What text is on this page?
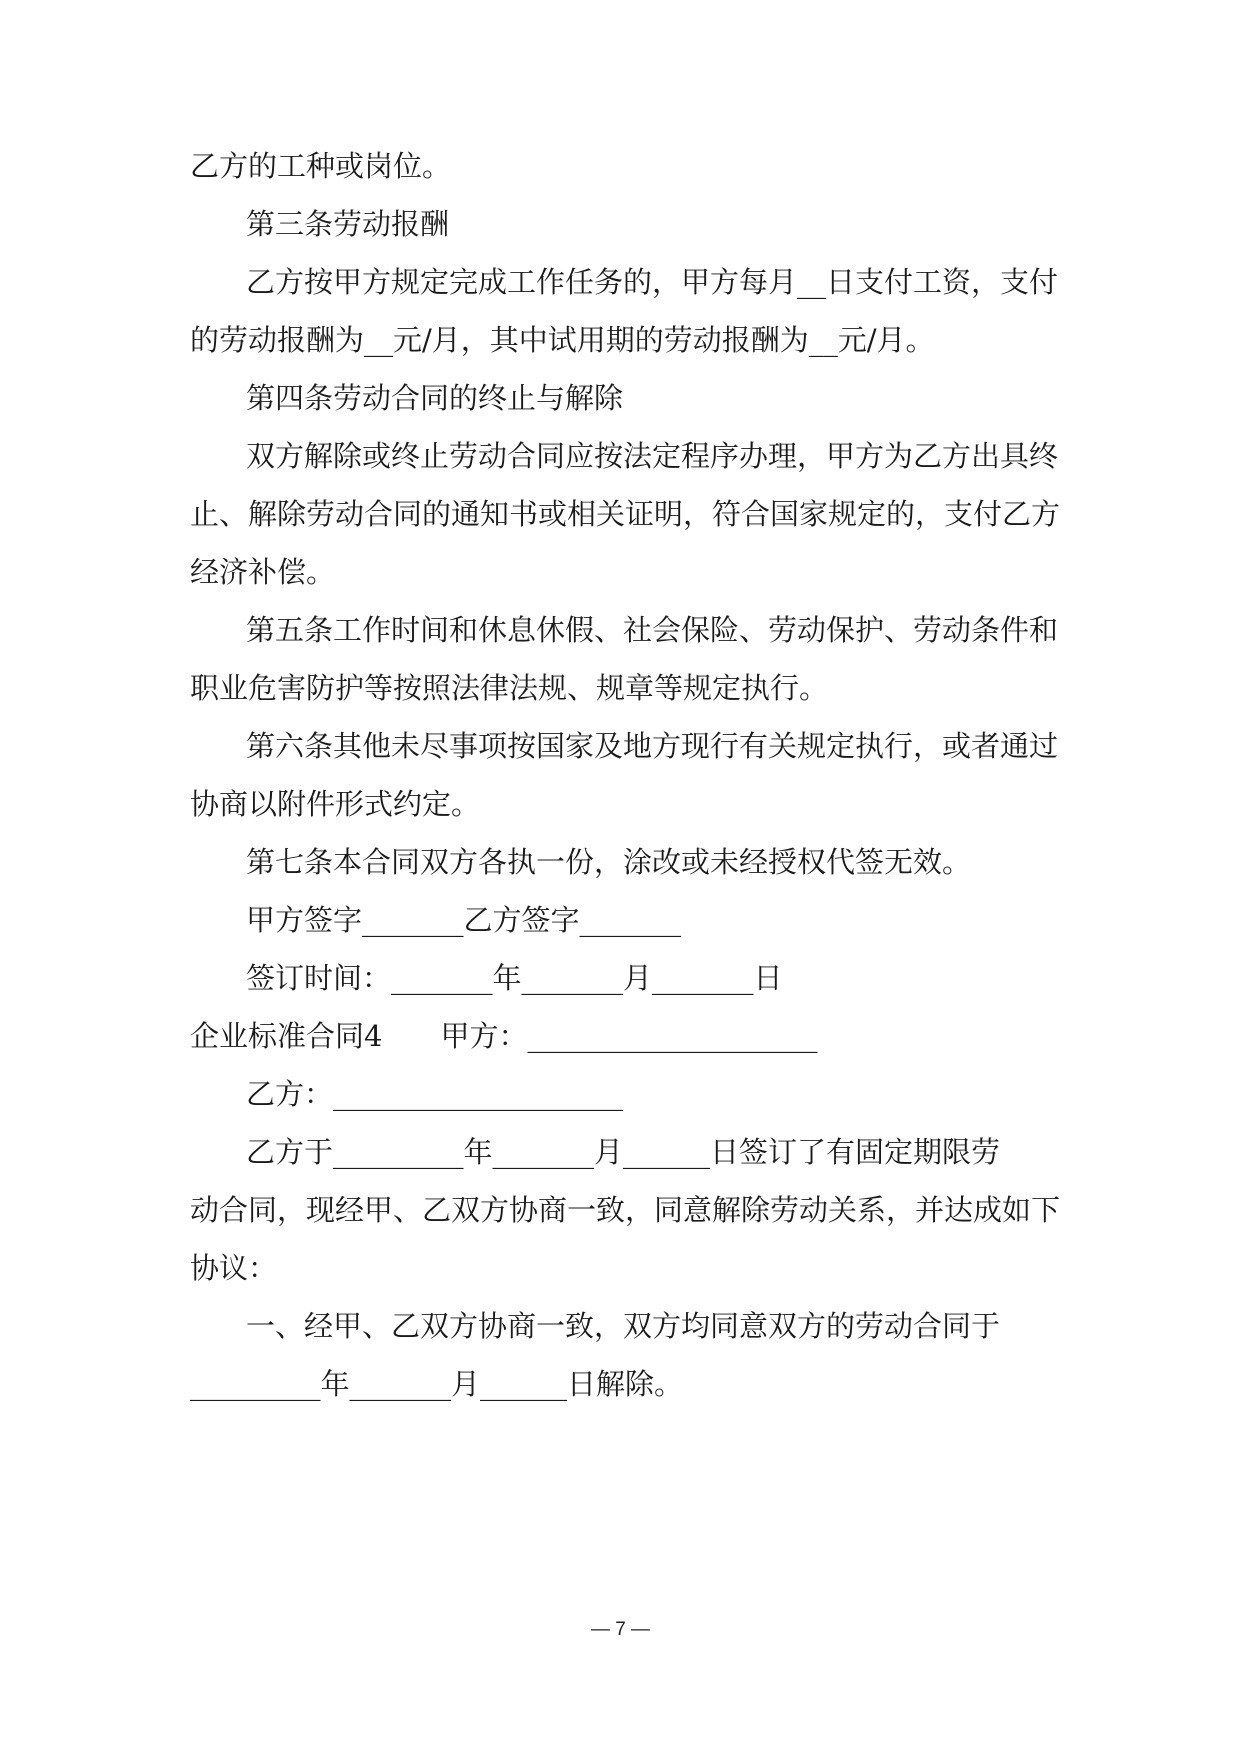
乙方的工种或岗位。
第三条劳动报酬
乙方按甲方规定完成工作任务的，甲方每月__日支付工资，支付
的劳动报酬为__元/月，其中试用期的劳动报酬为__元/月。
第四条劳动合同的终止与解除
双方解除或终止劳动合同应按法定程序办理，甲方为乙方出具终
止、解除劳动合同的通知书或相关证明，符合国家规定的，支付乙方
经济补偿。
第五条工作时间和休息休假、社会保险、劳动保护、劳动条件和
职业危害防护等按照法律法规、规章等规定执行。
第六条其他未尽事项按国家及地方现行有关规定执行，或者通过
协商以附件形式约定。
第七条本合同双方各执一份，涂改或未经授权代签无效。
甲方签字_______乙方签字_______
签订时间：_______年_______月_______日
企业标准合同4　　甲方：____________________
乙方：____________________
乙方于_________年_______月______日签订了有固定期限劳
动合同，现经甲、乙双方协商一致，同意解除劳动关系，并达成如下
协议：
一、经甲、乙双方协商一致，双方均同意双方的劳动合同于
_________年_______月______日解除。
— 7 —
